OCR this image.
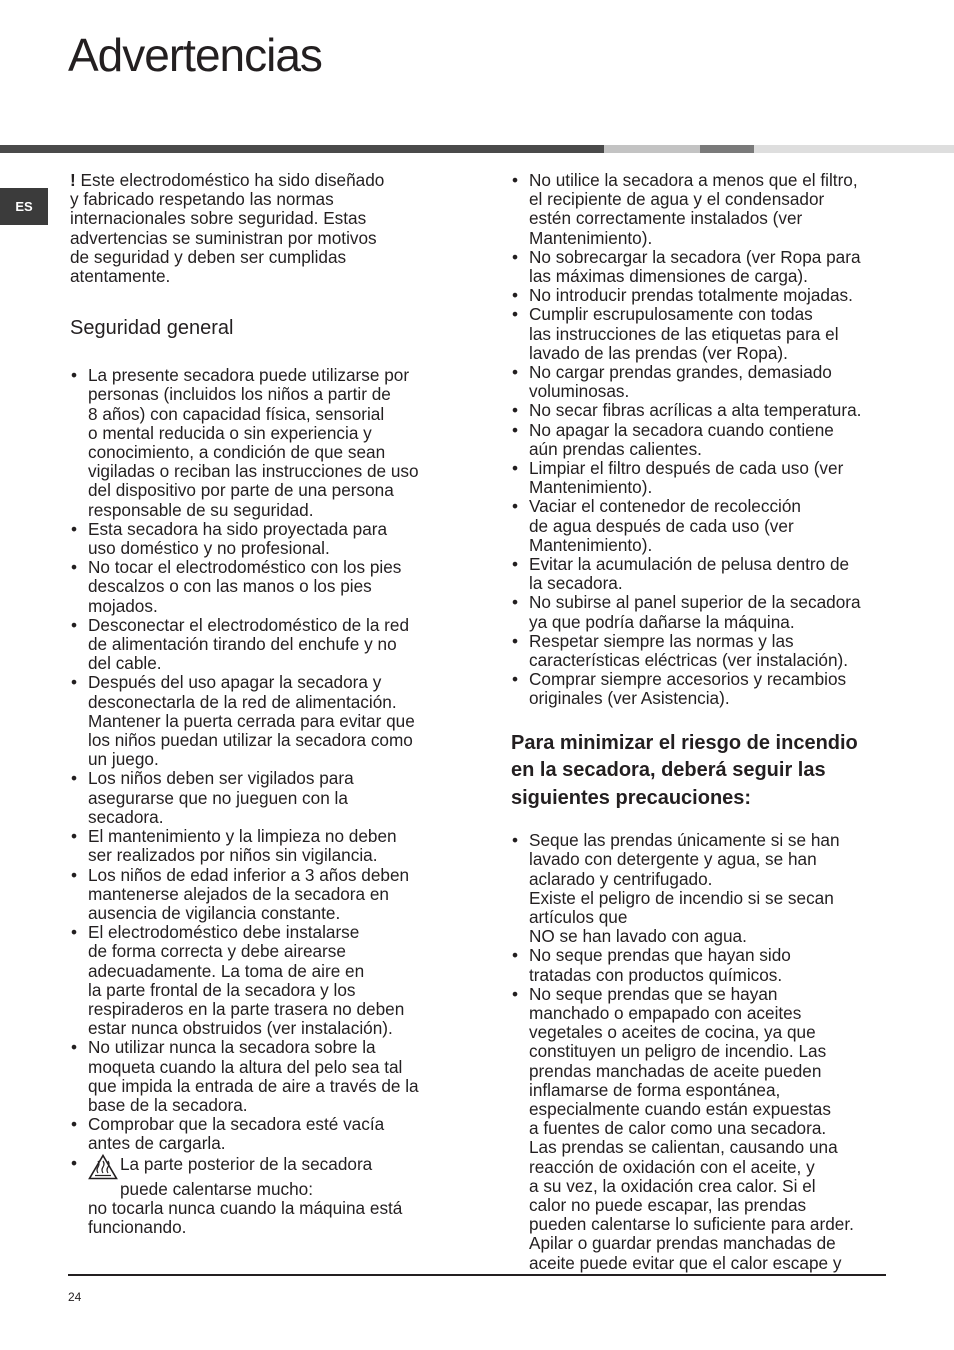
Advertencias
ES

! Este electrodoméstico ha sido diseñado
y fabricado respetando las normas
internacionales sobre seguridad. Estas
advertencias se suministran por motivos
de seguridad y deben ser cumplidas
atentamente.

Seguridad general
• La presente secadora puede utilizarse por
personas (incluidos los niños a partir de
8 años) con capacidad física, sensorial
o mental reducida o sin experiencia y
conocimiento, a condición de que sean
vigiladas o reciban las instrucciones de uso
del dispositivo por parte de una persona
responsable de su seguridad.
• Esta secadora ha sido proyectada para
uso doméstico y no profesional.
• No tocar el electrodoméstico con los pies
descalzos o con las manos o los pies
mojados.
• Desconectar el electrodoméstico de la red
de alimentación tirando del enchufe y no
del cable.
• Después del uso apagar la secadora y
desconectarla de la red de alimentación.
Mantener la puerta cerrada para evitar que
los niños puedan utilizar la secadora como
un juego.
• Los niños deben ser vigilados para
asegurarse que no jueguen con la
secadora.
• El mantenimiento y la limpieza no deben
ser realizados por niños sin vigilancia.
• Los niños de edad inferior a 3 años deben
mantenerse alejados de la secadora en
ausencia de vigilancia constante.
• El electrodoméstico debe instalarse
de forma correcta y debe airearse
adecuadamente. La toma de aire en
la parte frontal de la secadora y los
respiraderos en la parte trasera no deben
estar nunca obstruidos (ver instalación).
• No utilizar nunca la secadora sobre la
moqueta cuando la altura del pelo sea tal
que impida la entrada de aire a través de la
base de la secadora.
• Comprobar que la secadora esté vacía
antes de cargarla.
• La parte posterior de la secadora
puede calentarse mucho:
no tocarla nunca cuando la máquina está
funcionando.
• No utilice la secadora a menos que el filtro,
el recipiente de agua y el condensador
estén correctamente instalados (ver
Mantenimiento).
• No sobrecargar la secadora (ver Ropa para
las máximas dimensiones de carga).
• No introducir prendas totalmente mojadas.
• Cumplir escrupulosamente con todas
las instrucciones de las etiquetas para el
lavado de las prendas (ver Ropa).
• No cargar prendas grandes, demasiado
voluminosas.
• No secar fibras acrílicas a alta temperatura.
• No apagar la secadora cuando contiene
aún prendas calientes.
• Limpiar el filtro después de cada uso (ver
Mantenimiento).
• Vaciar el contenedor de recolección
de agua después de cada uso (ver
Mantenimiento).
• Evitar la acumulación de pelusa dentro de
la secadora.
• No subirse al panel superior de la secadora
ya que podría dañarse la máquina.
• Respetar siempre las normas y las
características eléctricas (ver instalación).
• Comprar siempre accesorios y recambios
originales (ver Asistencia).
Para minimizar el riesgo de incendio
en la secadora, deberá seguir las
siguientes precauciones:
• Seque las prendas únicamente si se han
lavado con detergente y agua, se han
aclarado y centrifugado.
Existe el peligro de incendio si se secan
artículos que
NO se han lavado con agua.
• No seque prendas que hayan sido
tratadas con productos químicos.
• No seque prendas que se hayan
manchado o empapado con aceites
vegetales o aceites de cocina, ya que
constituyen un peligro de incendio. Las
prendas manchadas de aceite pueden
inflamarse de forma espontánea,
especialmente cuando están expuestas
a fuentes de calor como una secadora.
Las prendas se calientan, causando una
reacción de oxidación con el aceite, y
a su vez, la oxidación crea calor. Si el
calor no puede escapar, las prendas
pueden calentarse lo suficiente para arder.
Apilar o guardar prendas manchadas de
aceite puede evitar que el calor escape y
24
